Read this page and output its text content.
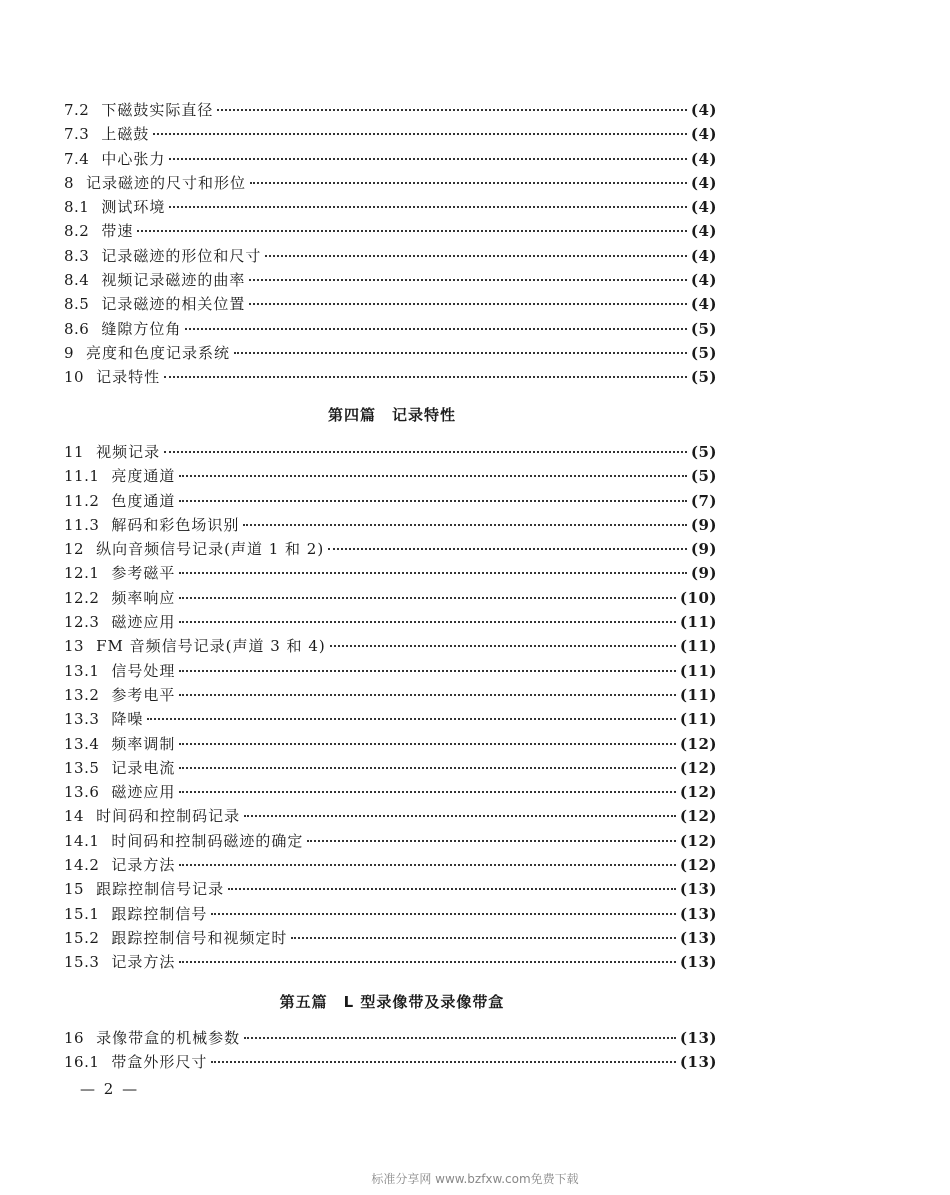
7.2 下磁鼓实际直径	(4)
7.3 上磁鼓	(4)
7.4 中心张力	(4)
8 记录磁迹的尺寸和形位	(4)
8.1 测试环境	(4)
8.2 带速	(4)
8.3 记录磁迹的形位和尺寸	(4)
8.4 视频记录磁迹的曲率	(4)
8.5 记录磁迹的相关位置	(4)
8.6 缝隙方位角	(5)
9 亮度和色度记录系统	(5)
10 记录特性	(5)
第四篇　记录特性
11 视频记录	(5)
11.1 亮度通道	(5)
11.2 色度通道	(7)
11.3 解码和彩色场识别	(9)
12 纵向音频信号记录(声道 1 和 2)	(9)
12.1 参考磁平	(9)
12.2 频率响应	(10)
12.3 磁迹应用	(11)
13 FM 音频信号记录(声道 3 和 4)	(11)
13.1 信号处理	(11)
13.2 参考电平	(11)
13.3 降噪	(11)
13.4 频率调制	(12)
13.5 记录电流	(12)
13.6 磁迹应用	(12)
14 时间码和控制码记录	(12)
14.1 时间码和控制码磁迹的确定	(12)
14.2 记录方法	(12)
15 跟踪控制信号记录	(13)
15.1 跟踪控制信号	(13)
15.2 跟踪控制信号和视频定时	(13)
15.3 记录方法	(13)
第五篇　L 型录像带及录像带盒
16 录像带盒的机械参数	(13)
16.1 带盒外形尺寸	(13)
— 2 —
标准分享网 www.bzfxw.com免费下载
